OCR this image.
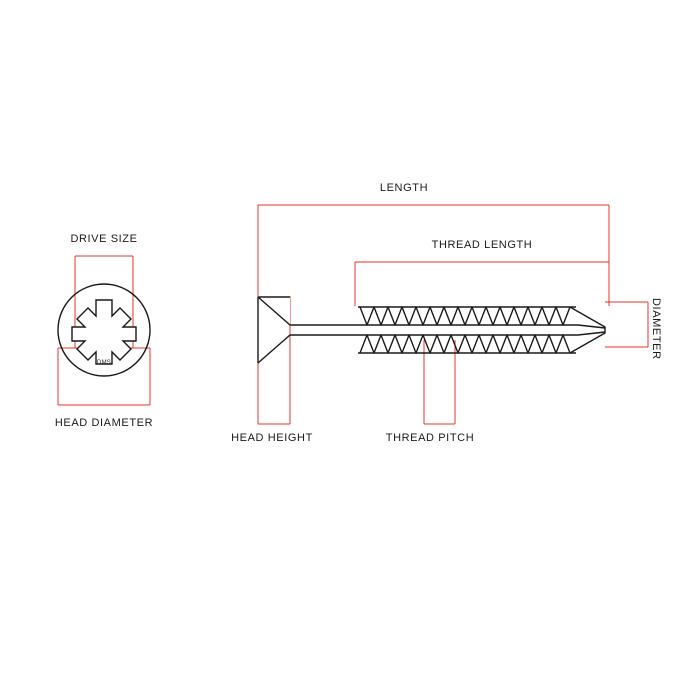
LENGTH
THREAD LENGTH
DIAMETER
DRIVE SIZE
HEAD DIAMETER
HEAD HEIGHT	THREAD PITCH
DMS
